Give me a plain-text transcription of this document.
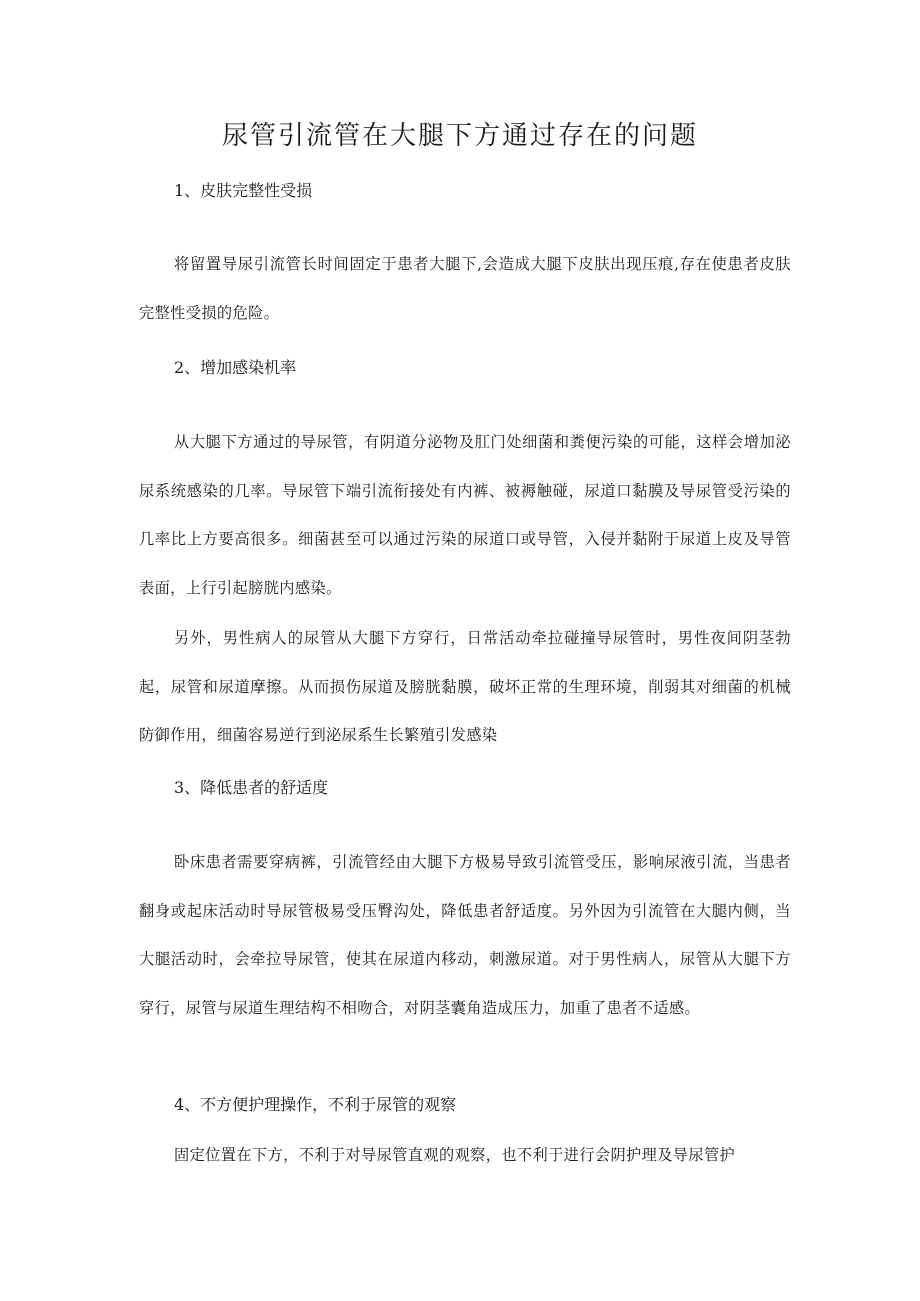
尿管引流管在大腿下方通过存在的问题
1、皮肤完整性受损

将留置导尿引流管长时间固定于患者大腿下,会造成大腿下皮肤出现压痕,存在使患者皮肤完整性受损的危险。

2、增加感染机率

从大腿下方通过的导尿管，有阴道分泌物及肛门处细菌和粪便污染的可能，这样会增加泌尿系统感染的几率。导尿管下端引流衔接处有内裤、被褥触碰，尿道口黏膜及导尿管受污染的几率比上方要高很多。细菌甚至可以通过污染的尿道口或导管，入侵并黏附于尿道上皮及导管表面，上行引起膀胱内感染。

另外，男性病人的尿管从大腿下方穿行，日常活动牵拉碰撞导尿管时，男性夜间阴茎勃起，尿管和尿道摩擦。从而损伤尿道及膀胱黏膜，破坏正常的生理环境，削弱其对细菌的机械防御作用，细菌容易逆行到泌尿系生长繁殖引发感染

3、降低患者的舒适度

卧床患者需要穿病裤，引流管经由大腿下方极易导致引流管受压，影响尿液引流，当患者翻身或起床活动时导尿管极易受压臀沟处，降低患者舒适度。另外因为引流管在大腿内侧，当大腿活动时，会牵拉导尿管，使其在尿道内移动，刺激尿道。对于男性病人，尿管从大腿下方穿行，尿管与尿道生理结构不相吻合，对阴茎囊角造成压力，加重了患者不适感。

4、不方便护理操作，不利于尿管的观察

固定位置在下方，不利于对导尿管直观的观察，也不利于进行会阴护理及导尿管护
